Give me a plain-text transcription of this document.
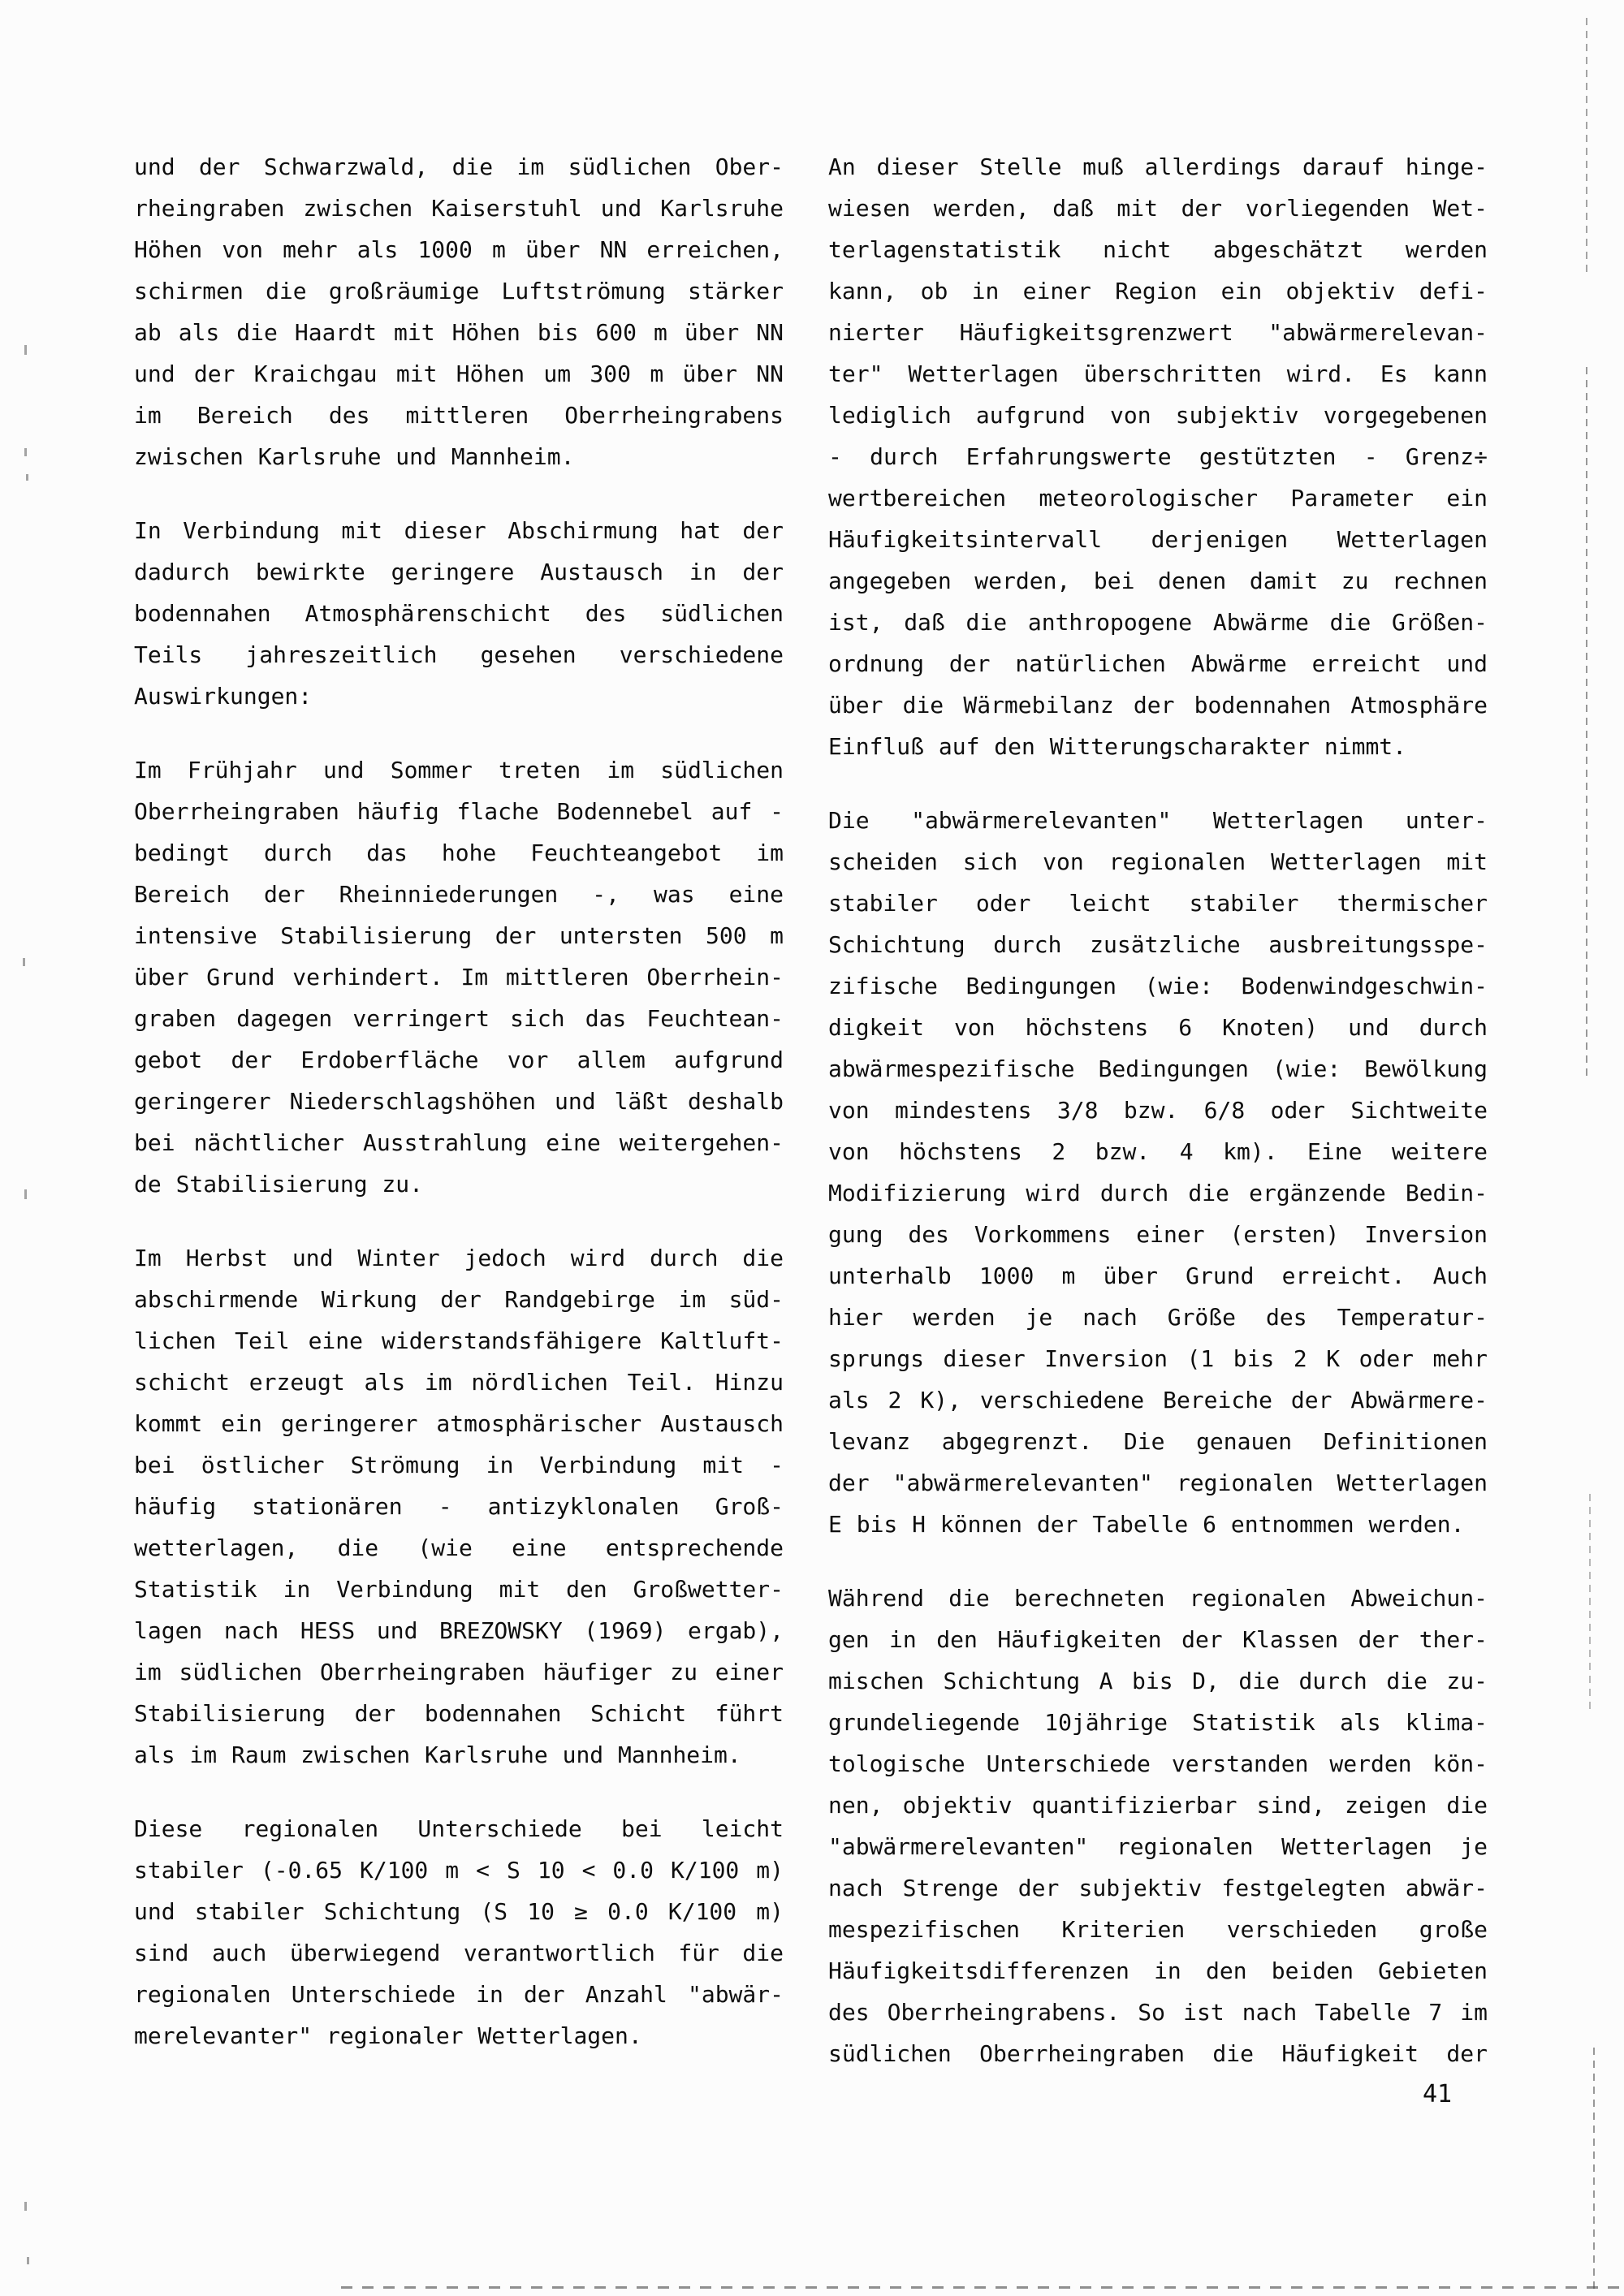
und der Schwarzwald, die im südlichen Ober-
rheingraben zwischen Kaiserstuhl und Karlsruhe
Höhen von mehr als 1000 m über NN erreichen,
schirmen die großräumige Luftströmung stärker
ab als die Haardt mit Höhen bis 600 m über NN
und der Kraichgau mit Höhen um 300 m über NN
im Bereich des mittleren Oberrheingrabens
zwischen Karlsruhe und Mannheim.
In Verbindung mit dieser Abschirmung hat der
dadurch bewirkte geringere Austausch in der
bodennahen Atmosphärenschicht des südlichen
Teils jahreszeitlich gesehen verschiedene
Auswirkungen:
Im Frühjahr und Sommer treten im südlichen
Oberrheingraben häufig flache Bodennebel auf -
bedingt durch das hohe Feuchteangebot im
Bereich der Rheinniederungen -, was eine
intensive Stabilisierung der untersten 500 m
über Grund verhindert. Im mittleren Oberrhein-
graben dagegen verringert sich das Feuchtean-
gebot der Erdoberfläche vor allem aufgrund
geringerer Niederschlagshöhen und läßt deshalb
bei nächtlicher Ausstrahlung eine weitergehen-
de Stabilisierung zu.
Im Herbst und Winter jedoch wird durch die
abschirmende Wirkung der Randgebirge im süd-
lichen Teil eine widerstandsfähigere Kaltluft-
schicht erzeugt als im nördlichen Teil. Hinzu
kommt ein geringerer atmosphärischer Austausch
bei östlicher Strömung in Verbindung mit -
häufig stationären - antizyklonalen Groß-
wetterlagen, die (wie eine entsprechende
Statistik in Verbindung mit den Großwetter-
lagen nach HESS und BREZOWSKY (1969) ergab),
im südlichen Oberrheingraben häufiger zu einer
Stabilisierung der bodennahen Schicht führt
als im Raum zwischen Karlsruhe und Mannheim.
Diese regionalen Unterschiede bei leicht
stabiler (-0.65 K/100 m < S 10 < 0.0 K/100 m)
und stabiler Schichtung (S 10 ≥ 0.0 K/100 m)
sind auch überwiegend verantwortlich für die
regionalen Unterschiede in der Anzahl "abwär-
merelevanter" regionaler Wetterlagen.
An dieser Stelle muß allerdings darauf hinge-
wiesen werden, daß mit der vorliegenden Wet-
terlagenstatistik nicht abgeschätzt werden
kann, ob in einer Region ein objektiv defi-
nierter Häufigkeitsgrenzwert "abwärmerelevan-
ter" Wetterlagen überschritten wird. Es kann
lediglich aufgrund von subjektiv vorgegebenen
- durch Erfahrungswerte gestützten - Grenz÷
wertbereichen meteorologischer Parameter ein
Häufigkeitsintervall derjenigen Wetterlagen
angegeben werden, bei denen damit zu rechnen
ist, daß die anthropogene Abwärme die Größen-
ordnung der natürlichen Abwärme erreicht und
über die Wärmebilanz der bodennahen Atmosphäre
Einfluß auf den Witterungscharakter nimmt.
Die "abwärmerelevanten" Wetterlagen unter-
scheiden sich von regionalen Wetterlagen mit
stabiler oder leicht stabiler thermischer
Schichtung durch zusätzliche ausbreitungsspe-
zifische Bedingungen (wie: Bodenwindgeschwin-
digkeit von höchstens 6 Knoten) und durch
abwärmespezifische Bedingungen (wie: Bewölkung
von mindestens 3/8 bzw. 6/8 oder Sichtweite
von höchstens 2 bzw. 4 km). Eine weitere
Modifizierung wird durch die ergänzende Bedin-
gung des Vorkommens einer (ersten) Inversion
unterhalb 1000 m über Grund erreicht. Auch
hier werden je nach Größe des Temperatur-
sprungs dieser Inversion (1 bis 2 K oder mehr
als 2 K), verschiedene Bereiche der Abwärmere-
levanz abgegrenzt. Die genauen Definitionen
der "abwärmerelevanten" regionalen Wetterlagen
E bis H können der Tabelle 6 entnommen werden.
Während die berechneten regionalen Abweichun-
gen in den Häufigkeiten der Klassen der ther-
mischen Schichtung A bis D, die durch die zu-
grundeliegende 10jährige Statistik als klima-
tologische Unterschiede verstanden werden kön-
nen, objektiv quantifizierbar sind, zeigen die
"abwärmerelevanten" regionalen Wetterlagen je
nach Strenge der subjektiv festgelegten abwär-
mespezifischen Kriterien verschieden große
Häufigkeitsdifferenzen in den beiden Gebieten
des Oberrheingrabens. So ist nach Tabelle 7 im
südlichen Oberrheingraben die Häufigkeit der
41
